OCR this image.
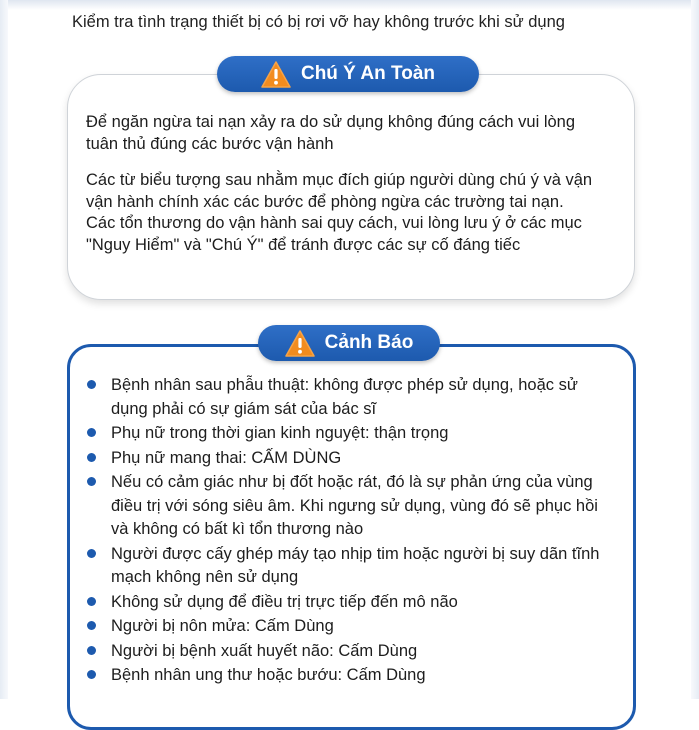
Kiểm tra tình trạng thiết bị có bị rơi vỡ hay không trước khi sử dụng
Chú Ý An Toàn
Để ngăn ngừa tai nạn xảy ra do sử dụng không đúng cách vui lòng
tuân thủ đúng các bước vận hành
Các từ biểu tượng sau nhằm mục đích giúp người dùng chú ý và vận
vận hành chính xác các bước để phòng ngừa các trường tai nạn.
Các tổn thương do vận hành sai quy cách, vui lòng lưu ý ở các mục
"Nguy Hiểm" và "Chú Ý" để tránh được các sự cố đáng tiếc
Cảnh Báo
Bệnh nhân sau phẫu thuật: không được phép sử dụng, hoặc sử
dụng phải có sự giám sát của bác sĩ
Phụ nữ trong thời gian kinh nguyệt: thận trọng
Phụ nữ mang thai: CẤM DÙNG
Nếu có cảm giác như bị đốt hoặc rát, đó là sự phản ứng của vùng
điều trị với sóng siêu âm. Khi ngưng sử dụng, vùng đó sẽ phục hồi
và không có bất kì tổn thương nào
Người được cấy ghép máy tạo nhịp tim hoặc người bị suy dãn tĩnh
mạch không nên sử dụng
Không sử dụng để điều trị trực tiếp đến mô não
Người bị nôn mửa: Cấm Dùng
Người bị bệnh xuất huyết não: Cấm Dùng
Bệnh nhân ung thư hoặc bướu: Cấm Dùng
